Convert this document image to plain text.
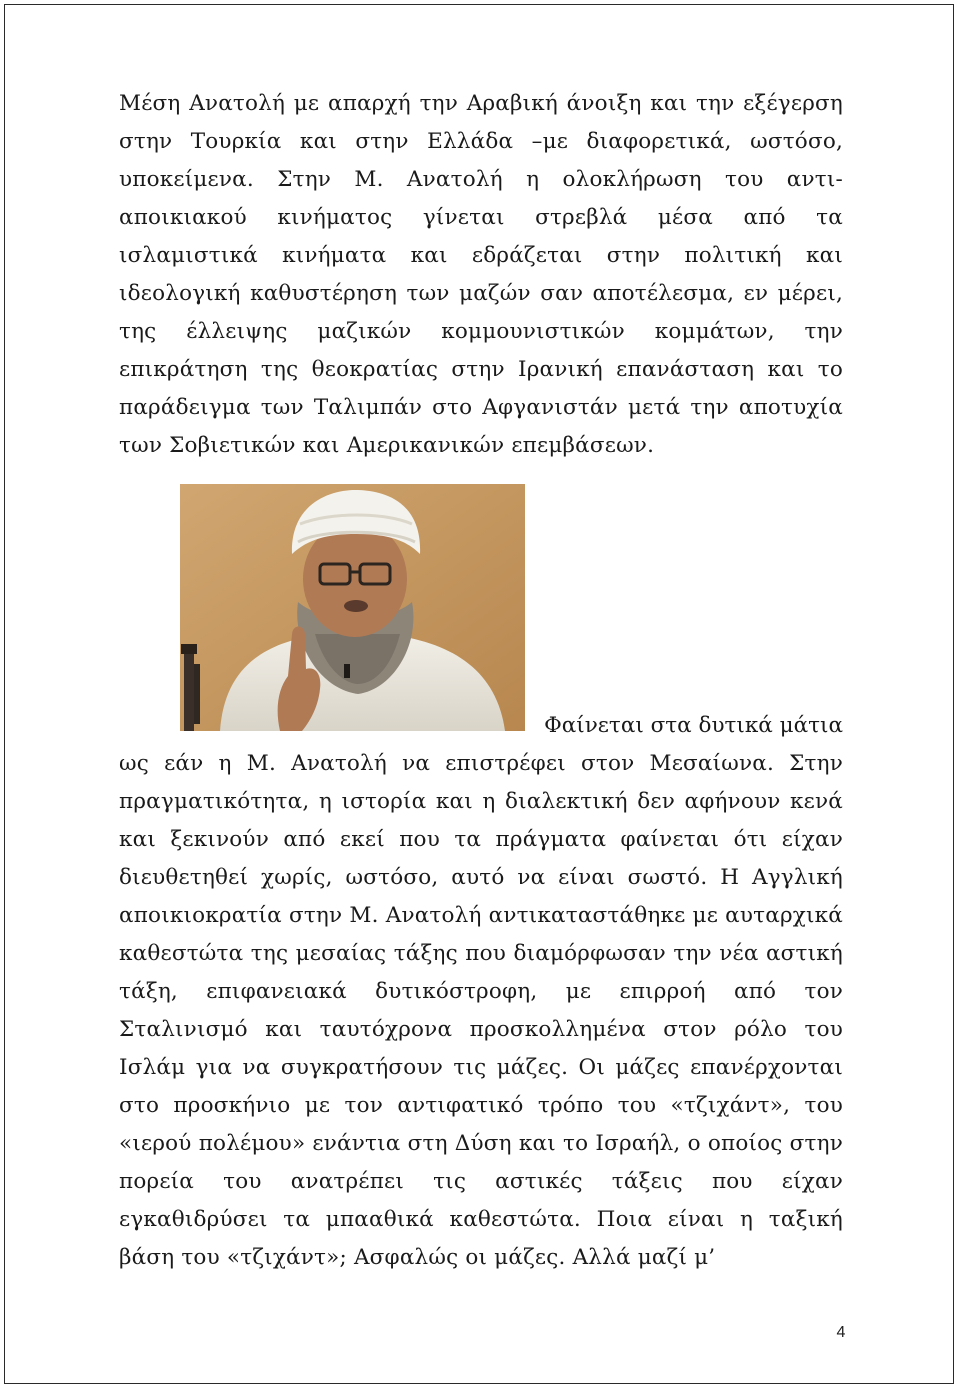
Μέση Ανατολή με απαρχή την Αραβική άνοιξη και την εξέγερση στην Τουρκία και στην Ελλάδα –με διαφορετικά, ωστόσο, υποκείμενα. Στην Μ. Ανατολή η ολοκλήρωση του αντι-αποικιακού κινήματος γίνεται στρεβλά μέσα από τα ισλαμιστικά κινήματα και εδράζεται στην πολιτική και ιδεολογική καθυστέρηση των μαζών σαν αποτέλεσμα, εν μέρει, της έλλειψης μαζικών κομμουνιστικών κομμάτων, την επικράτηση της θεοκρατίας στην Ιρανική επανάσταση και το παράδειγμα των Ταλιμπάν στο Αφγανιστάν μετά την αποτυχία των Σοβιετικών και Αμερικανικών επεμβάσεων.

Φαίνεται στα δυτικά μάτια

ως εάν η Μ. Ανατολή να επιστρέφει στον Μεσαίωνα. Στην πραγματικότητα, η ιστορία και η διαλεκτική δεν αφήνουν κενά και ξεκινούν από εκεί που τα πράγματα φαίνεται ότι είχαν διευθετηθεί χωρίς, ωστόσο, αυτό να είναι σωστό. Η Αγγλική αποικιοκρατία στην Μ. Ανατολή αντικαταστάθηκε με αυταρχικά καθεστώτα της μεσαίας τάξης που διαμόρφωσαν την νέα αστική τάξη, επιφανειακά δυτικόστροφη, με επιρροή από τον Σταλινισμό και ταυτόχρονα προσκολλημένα στον ρόλο του Ισλάμ για να συγκρατήσουν τις μάζες. Οι μάζες επανέρχονται στο προσκήνιο με τον αντιφατικό τρόπο του «τζιχάντ», του «ιερού πολέμου» ενάντια στη Δύση και το Ισραήλ, ο οποίος στην πορεία του ανατρέπει τις αστικές τάξεις που είχαν εγκαθιδρύσει τα μπααθικά καθεστώτα. Ποια είναι η ταξική βάση του «τζιχάντ»; Ασφαλώς οι μάζες. Αλλά μαζί μ’

4
